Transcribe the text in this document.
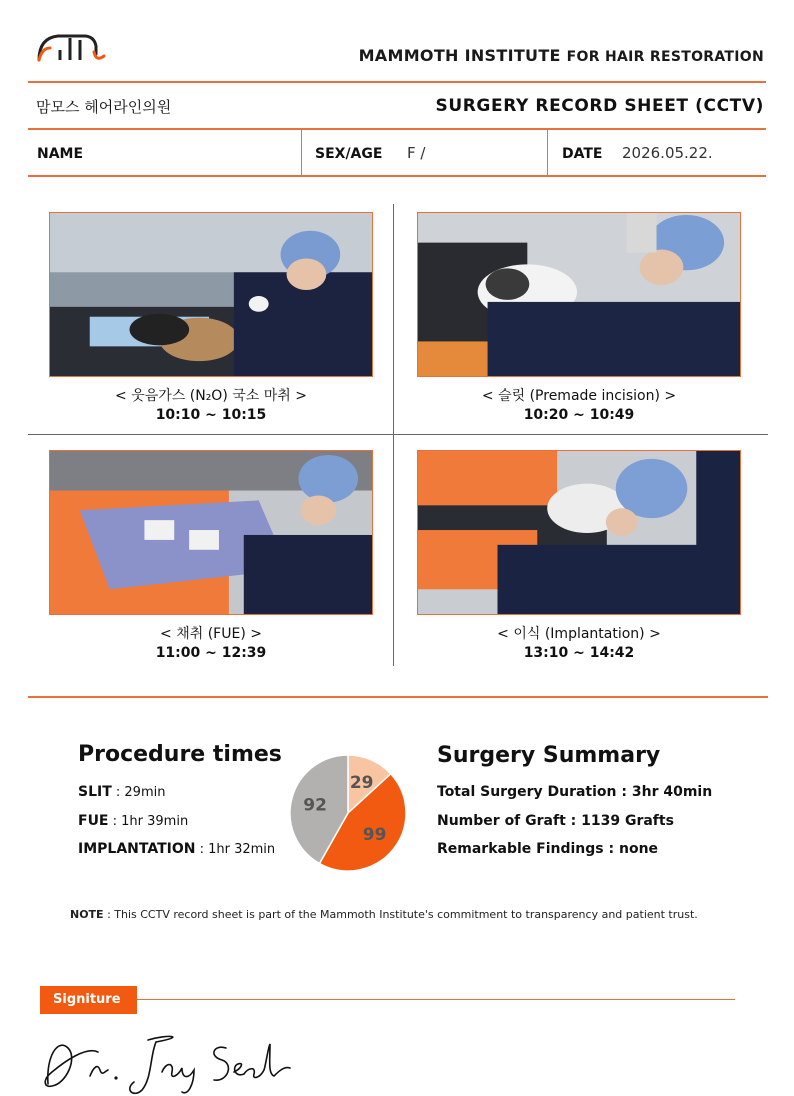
MAMMOTH INSTITUTE FOR HAIR RESTORATION
맘모스 헤어라인의원	SURGERY RECORD SHEET (CCTV)
NAME	SEX/AGE F /	DATE 2026.05.22.
< 웃음가스 (N₂O) 국소 마취 >
10:10 ~ 10:15
< 슬릿 (Premade incision) >
10:20 ~ 10:49
< 채취 (FUE) >
11:00 ~ 12:39
< 이식 (Implantation) >
13:10 ~ 14:42
Procedure times
SLIT : 29min
FUE : 1hr 39min
IMPLANTATION : 1hr 32min
29
99
92
Surgery Summary
Total Surgery Duration : 3hr 40min
Number of Graft : 1139 Grafts
Remarkable Findings : none
NOTE : This CCTV record sheet is part of the Mammoth Institute's commitment to transparency and patient trust.
Signiture
